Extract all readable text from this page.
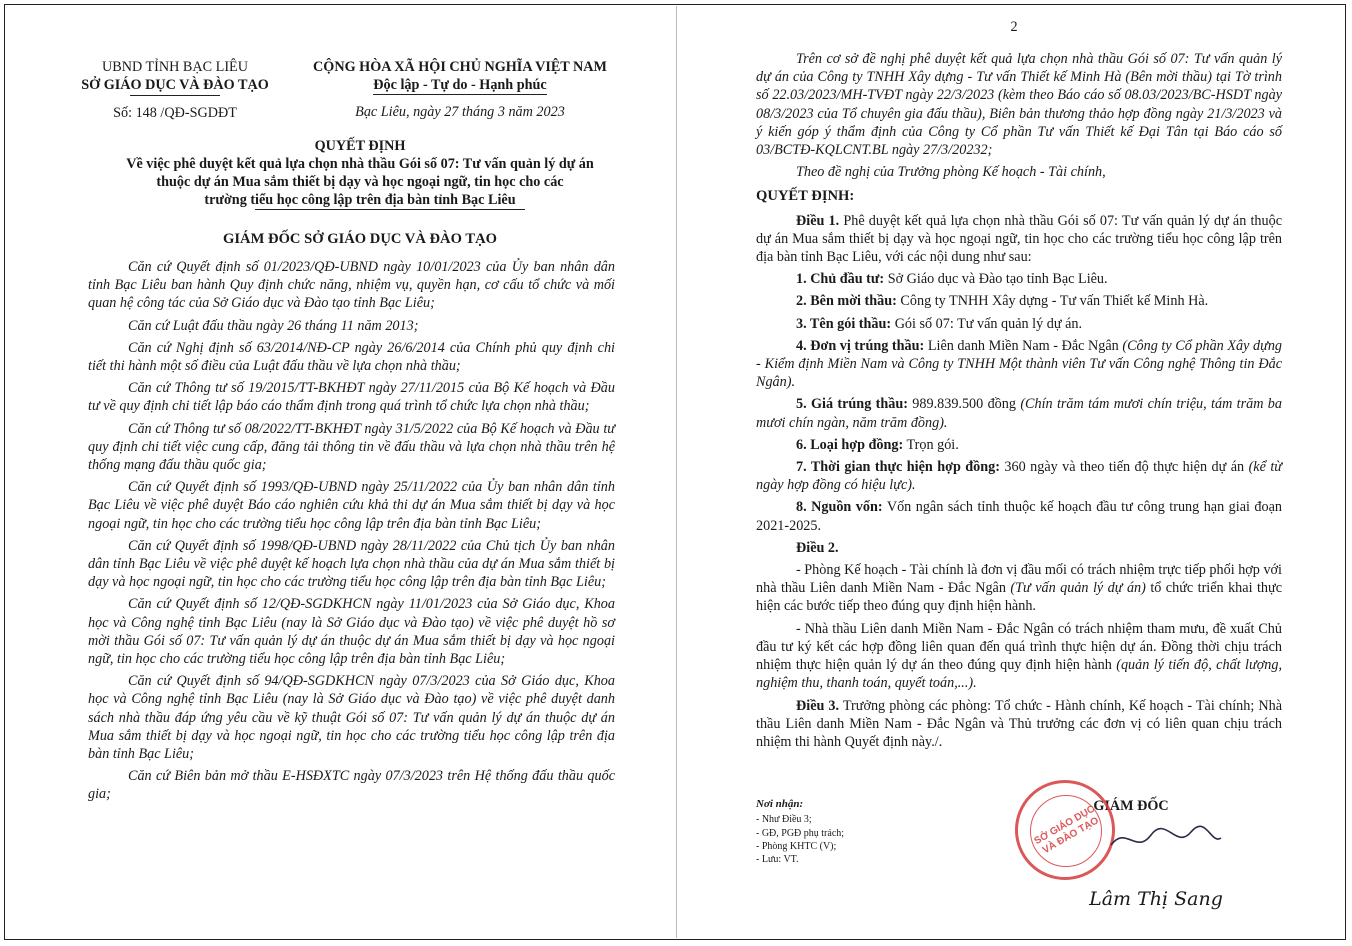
UBND TỈNH BẠC LIÊU
SỞ GIÁO DỤC VÀ ĐÀO TẠO
Số: 148 /QĐ-SGDĐT
CỘNG HÒA XÃ HỘI CHỦ NGHĨA VIỆT NAM
Độc lập - Tự do - Hạnh phúc
Bạc Liêu, ngày 27 tháng 3 năm 2023
QUYẾT ĐỊNH
Về việc phê duyệt kết quả lựa chọn nhà thầu Gói số 07: Tư vấn quản lý dự án
thuộc dự án Mua sắm thiết bị dạy và học ngoại ngữ, tin học cho các
trường tiểu học công lập trên địa bàn tỉnh Bạc Liêu
GIÁM ĐỐC SỞ GIÁO DỤC VÀ ĐÀO TẠO

Căn cứ Quyết định số 01/2023/QĐ-UBND ngày 10/01/2023 của Ủy ban nhân dân tỉnh Bạc Liêu ban hành Quy định chức năng, nhiệm vụ, quyền hạn, cơ cấu tổ chức và mối quan hệ công tác của Sở Giáo dục và Đào tạo tỉnh Bạc Liêu;

Căn cứ Luật đấu thầu ngày 26 tháng 11 năm 2013;

Căn cứ Nghị định số 63/2014/NĐ-CP ngày 26/6/2014 của Chính phủ quy định chi tiết thi hành một số điều của Luật đấu thầu về lựa chọn nhà thầu;

Căn cứ Thông tư số 19/2015/TT-BKHĐT ngày 27/11/2015 của Bộ Kế hoạch và Đầu tư về quy định chi tiết lập báo cáo thẩm định trong quá trình tổ chức lựa chọn nhà thầu;

Căn cứ Thông tư số 08/2022/TT-BKHĐT ngày 31/5/2022 của Bộ Kế hoạch và Đầu tư quy định chi tiết việc cung cấp, đăng tải thông tin về đấu thầu và lựa chọn nhà thầu trên hệ thống mạng đấu thầu quốc gia;

Căn cứ Quyết định số 1993/QĐ-UBND ngày 25/11/2022 của Ủy ban nhân dân tỉnh Bạc Liêu về việc phê duyệt Báo cáo nghiên cứu khả thi dự án Mua sắm thiết bị dạy và học ngoại ngữ, tin học cho các trường tiểu học công lập trên địa bàn tỉnh Bạc Liêu;

Căn cứ Quyết định số 1998/QĐ-UBND ngày 28/11/2022 của Chủ tịch Ủy ban nhân dân tỉnh Bạc Liêu về việc phê duyệt kế hoạch lựa chọn nhà thầu của dự án Mua sắm thiết bị dạy và học ngoại ngữ, tin học cho các trường tiểu học công lập trên địa bàn tỉnh Bạc Liêu;

Căn cứ Quyết định số 12/QĐ-SGDKHCN ngày 11/01/2023 của Sở Giáo dục, Khoa học và Công nghệ tỉnh Bạc Liêu (nay là Sở Giáo dục và Đào tạo) về việc phê duyệt hồ sơ mời thầu Gói số 07: Tư vấn quản lý dự án thuộc dự án Mua sắm thiết bị dạy và học ngoại ngữ, tin học cho các trường tiểu học công lập trên địa bàn tỉnh Bạc Liêu;

Căn cứ Quyết định số 94/QĐ-SGDKHCN ngày 07/3/2023 của Sở Giáo dục, Khoa học và Công nghệ tỉnh Bạc Liêu (nay là Sở Giáo dục và Đào tạo) về việc phê duyệt danh sách nhà thầu đáp ứng yêu cầu về kỹ thuật Gói số 07: Tư vấn quản lý dự án thuộc dự án Mua sắm thiết bị dạy và học ngoại ngữ, tin học cho các trường tiểu học công lập trên địa bàn tỉnh Bạc Liêu;

Căn cứ Biên bản mở thầu E-HSĐXTC ngày 07/3/2023 trên Hệ thống đấu thầu quốc gia;

2

Trên cơ sở đề nghị phê duyệt kết quả lựa chọn nhà thầu Gói số 07: Tư vấn quản lý dự án của Công ty TNHH Xây dựng - Tư vấn Thiết kế Minh Hà (Bên mời thầu) tại Tờ trình số 22.03/2023/MH-TVĐT ngày 22/3/2023 (kèm theo Báo cáo số 08.03/2023/BC-HSDT ngày 08/3/2023 của Tổ chuyên gia đấu thầu), Biên bản thương thảo hợp đồng ngày 21/3/2023 và ý kiến góp ý thẩm định của Công ty Cổ phần Tư vấn Thiết kế Đại Tân tại Báo cáo số 03/BCTĐ-KQLCNT.BL ngày 27/3/20232;

Theo đề nghị của Trưởng phòng Kế hoạch - Tài chính,

QUYẾT ĐỊNH:

Điều 1. Phê duyệt kết quả lựa chọn nhà thầu Gói số 07: Tư vấn quản lý dự án thuộc dự án Mua sắm thiết bị dạy và học ngoại ngữ, tin học cho các trường tiểu học công lập trên địa bàn tỉnh Bạc Liêu, với các nội dung như sau:

1. Chủ đầu tư: Sở Giáo dục và Đào tạo tỉnh Bạc Liêu.

2. Bên mời thầu: Công ty TNHH Xây dựng - Tư vấn Thiết kế Minh Hà.

3. Tên gói thầu: Gói số 07: Tư vấn quản lý dự án.

4. Đơn vị trúng thầu: Liên danh Miền Nam - Đắc Ngân (Công ty Cổ phần Xây dựng - Kiểm định Miền Nam và Công ty TNHH Một thành viên Tư vấn Công nghệ Thông tin Đắc Ngân).

5. Giá trúng thầu: 989.839.500 đồng (Chín trăm tám mươi chín triệu, tám trăm ba mươi chín ngàn, năm trăm đồng).

6. Loại hợp đồng: Trọn gói.

7. Thời gian thực hiện hợp đồng: 360 ngày và theo tiến độ thực hiện dự án (kể từ ngày hợp đồng có hiệu lực).

8. Nguồn vốn: Vốn ngân sách tỉnh thuộc kế hoạch đầu tư công trung hạn giai đoạn 2021-2025.

Điều 2.

- Phòng Kế hoạch - Tài chính là đơn vị đầu mối có trách nhiệm trực tiếp phối hợp với nhà thầu Liên danh Miền Nam - Đắc Ngân (Tư vấn quản lý dự án) tổ chức triển khai thực hiện các bước tiếp theo đúng quy định hiện hành.

- Nhà thầu Liên danh Miền Nam - Đắc Ngân có trách nhiệm tham mưu, đề xuất Chủ đầu tư ký kết các hợp đồng liên quan đến quá trình thực hiện dự án. Đồng thời chịu trách nhiệm thực hiện quản lý dự án theo đúng quy định hiện hành (quản lý tiến độ, chất lượng, nghiệm thu, thanh toán, quyết toán,...).

Điều 3. Trưởng phòng các phòng: Tổ chức - Hành chính, Kế hoạch - Tài chính; Nhà thầu Liên danh Miền Nam - Đắc Ngân và Thủ trưởng các đơn vị có liên quan chịu trách nhiệm thi hành Quyết định này./.

Nơi nhận:
- Như Điều 3;
- GĐ, PGĐ phụ trách;
- Phòng KHTC (V);
- Lưu: VT.
GIÁM ĐỐC
SỞ GIÁO DỤC VÀ ĐÀO TẠO
Lâm Thị Sang
